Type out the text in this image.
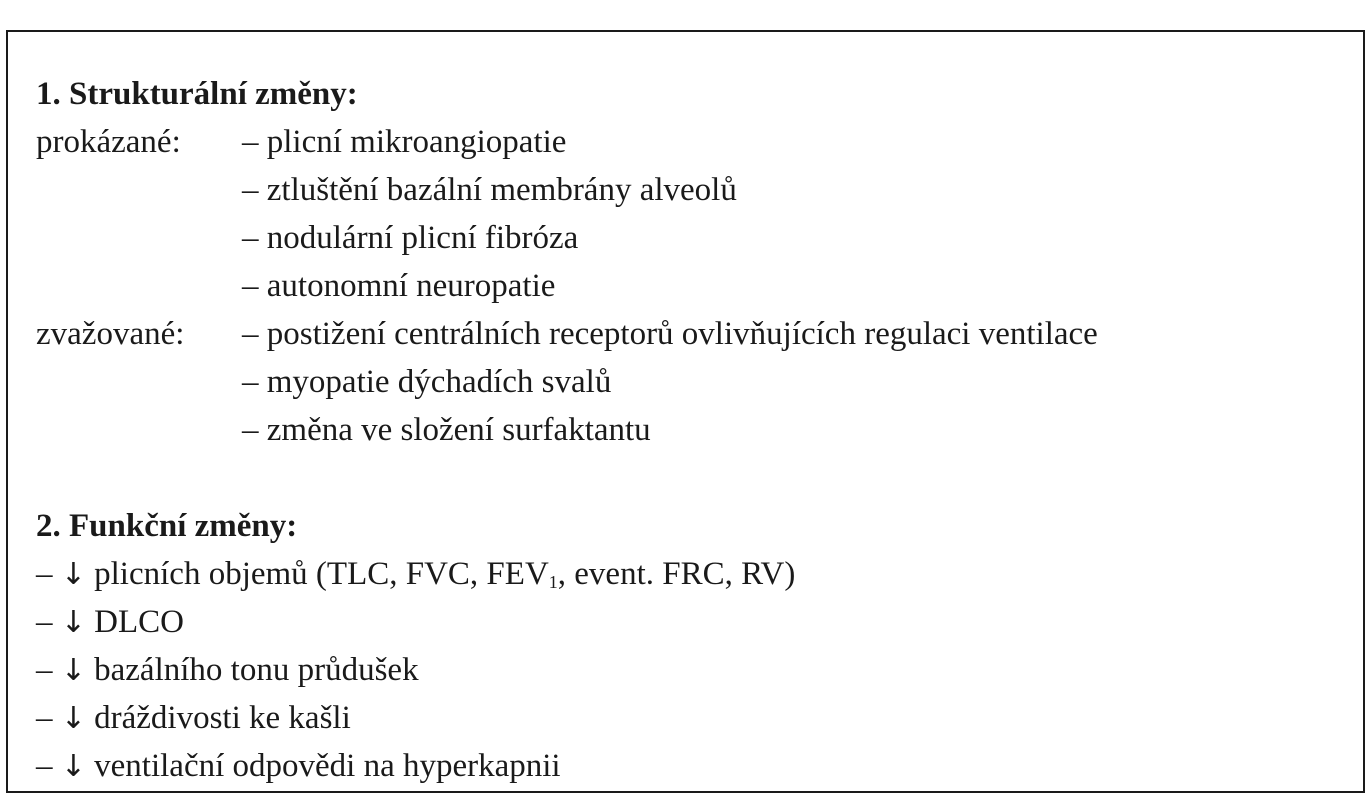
1. Strukturální změny:
prokázané:	– plicní mikroangiopatie
– ztluštění bazální membrány alveolů
– nodulární plicní fibróza
– autonomní neuropatie
zvažované:	– postižení centrálních receptorů ovlivňujících regulaci ventilace
– myopatie dýchadích svalů
– změna ve složení surfaktantu
2. Funkční změny:
– ↓ plicních objemů (TLC, FVC, $FEV_1$, event. FRC, RV)
– ↓ DLCO
– ↓ bazálního tonu průdušek
– ↓ dráždivosti ke kašli
– ↓ ventilační odpovědi na hyperkapnii
